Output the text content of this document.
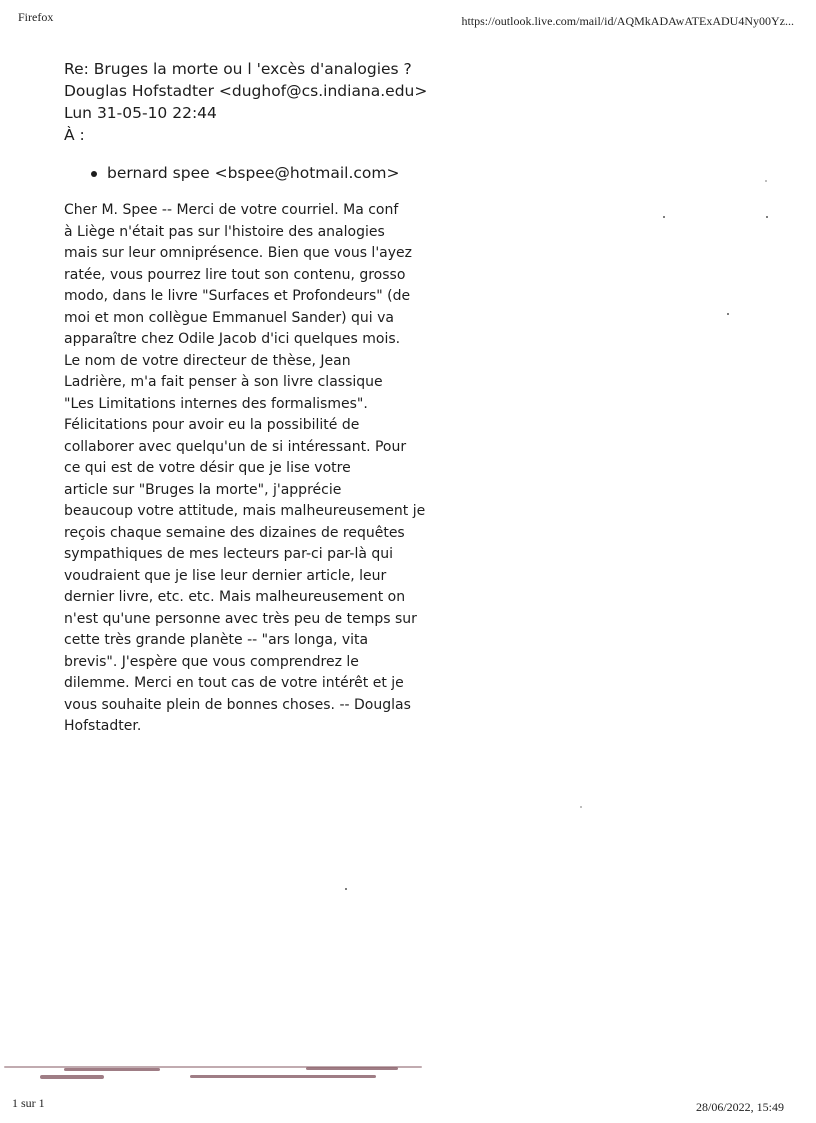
Firefox	https://outlook.live.com/mail/id/AQMkADAwATExADU4Ny00Yz...
Re: Bruges la morte ou l 'excès d'analogies ?
Douglas Hofstadter <dughof@cs.indiana.edu>
Lun 31-05-10 22:44
À :
bernard spee <bspee@hotmail.com>
Cher M. Spee -- Merci de votre courriel. Ma conf
à Liège n'était pas sur l'histoire des analogies
mais sur leur omniprésence. Bien que vous l'ayez
ratée, vous pourrez lire tout son contenu, grosso
modo, dans le livre "Surfaces et Profondeurs" (de
moi et mon collègue Emmanuel Sander) qui va
apparaître chez Odile Jacob d'ici quelques mois.
Le nom de votre directeur de thèse, Jean
Ladrière, m'a fait penser à son livre classique
"Les Limitations internes des formalismes".
Félicitations pour avoir eu la possibilité de
collaborer avec quelqu'un de si intéressant. Pour
ce qui est de votre désir que je lise votre
article sur "Bruges la morte", j'apprécie
beaucoup votre attitude, mais malheureusement je
reçois chaque semaine des dizaines de requêtes
sympathiques de mes lecteurs par-ci par-là qui
voudraient que je lise leur dernier article, leur
dernier livre, etc. etc. Mais malheureusement on
n'est qu'une personne avec très peu de temps sur
cette très grande planète -- "ars longa, vita
brevis". J'espère que vous comprendrez le
dilemme. Merci en tout cas de votre intérêt et je
vous souhaite plein de bonnes choses. -- Douglas
Hofstadter.
1 sur 1	28/06/2022, 15:49
